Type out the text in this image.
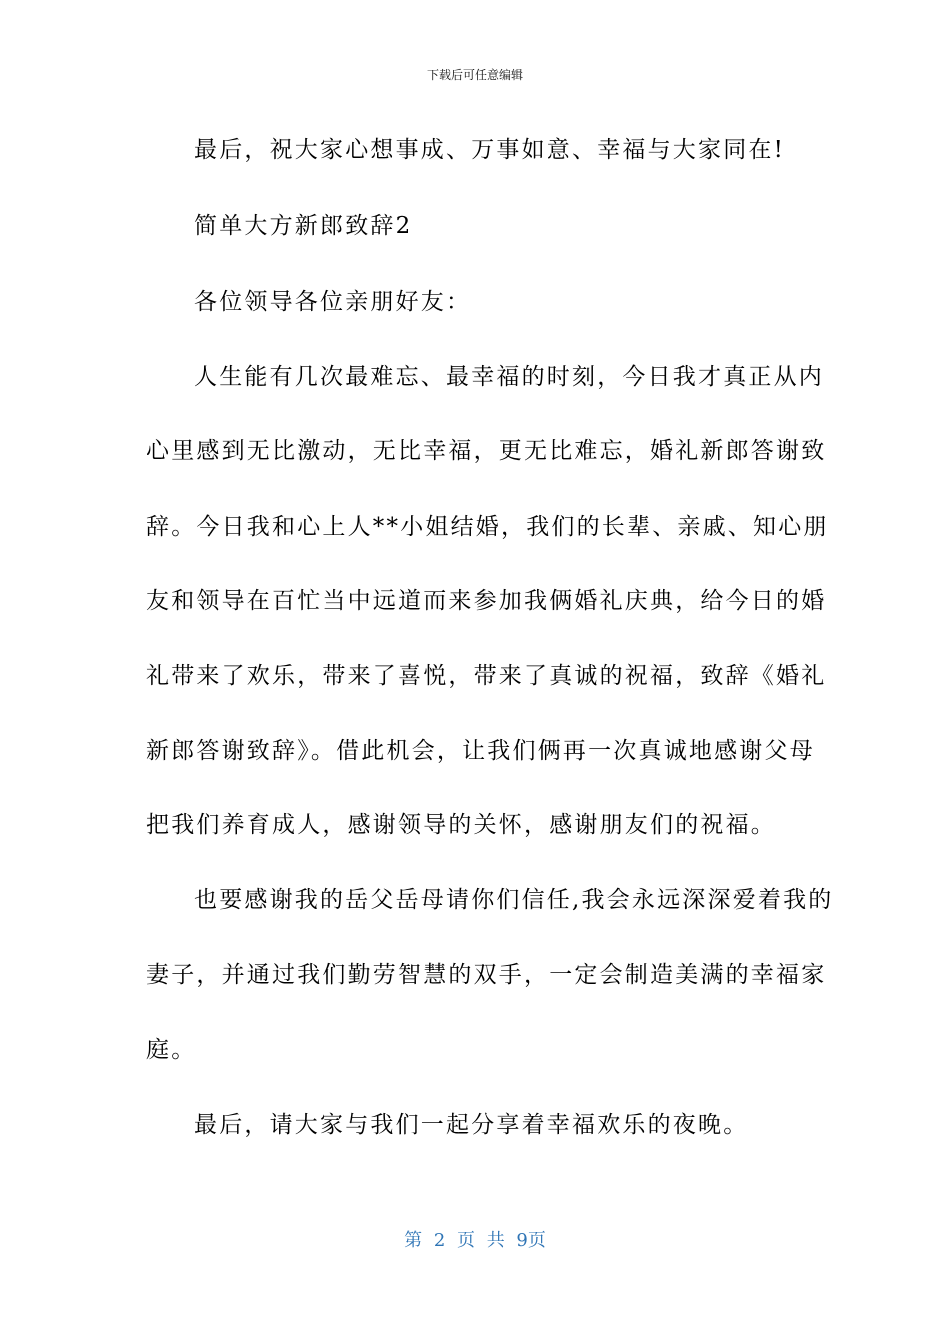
下载后可任意编辑
最后，祝大家心想事成、万事如意、幸福与大家同在!
简单大方新郎致辞2
各位领导各位亲朋好友：
人生能有几次最难忘、最幸福的时刻，今日我才真正从内
心里感到无比激动，无比幸福，更无比难忘，婚礼新郎答谢致
辞。今日我和心上人**小姐结婚，我们的长辈、亲戚、知心朋
友和领导在百忙当中远道而来参加我俩婚礼庆典，给今日的婚
礼带来了欢乐，带来了喜悦，带来了真诚的祝福，致辞《婚礼
新郎答谢致辞》。借此机会，让我们俩再一次真诚地感谢父母
把我们养育成人，感谢领导的关怀，感谢朋友们的祝福。
也要感谢我的岳父岳母请你们信任,我会永远深深爱着我的
妻子，并通过我们勤劳智慧的双手，一定会制造美满的幸福家
庭。
最后，请大家与我们一起分享着幸福欢乐的夜晚。
第 2 页 共 9页
